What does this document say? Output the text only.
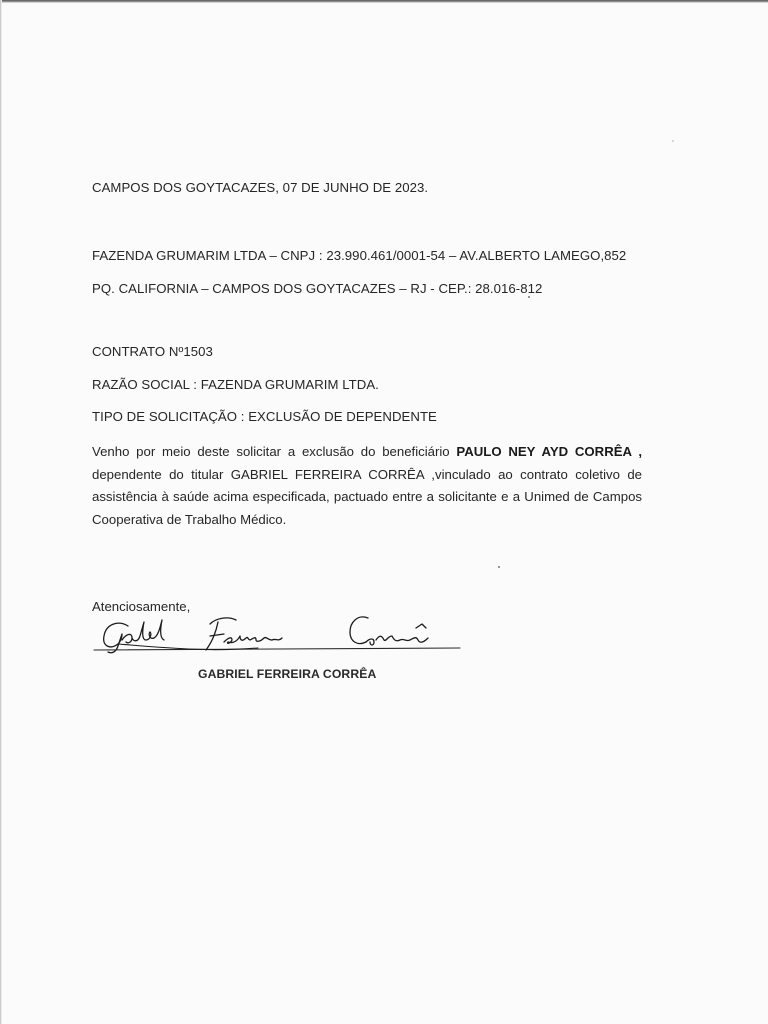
CAMPOS DOS GOYTACAZES, 07 DE JUNHO DE 2023.
FAZENDA GRUMARIM LTDA – CNPJ : 23.990.461/0001-54 – AV.ALBERTO LAMEGO,852
PQ. CALIFORNIA – CAMPOS DOS GOYTACAZES – RJ - CEP.: 28.016-812
CONTRATO Nº1503
RAZÃO SOCIAL : FAZENDA GRUMARIM LTDA.
TIPO DE SOLICITAÇÃO : EXCLUSÃO DE DEPENDENTE
Venho por meio deste solicitar a exclusão do beneficiário PAULO NEY AYD CORRÊA , dependente do titular GABRIEL FERREIRA CORRÊA ,vinculado ao contrato coletivo de assistência à saúde acima especificada, pactuado entre a solicitante e a Unimed de Campos Cooperativa de Trabalho Médico.
Atenciosamente,
GABRIEL FERREIRA CORRÊA
